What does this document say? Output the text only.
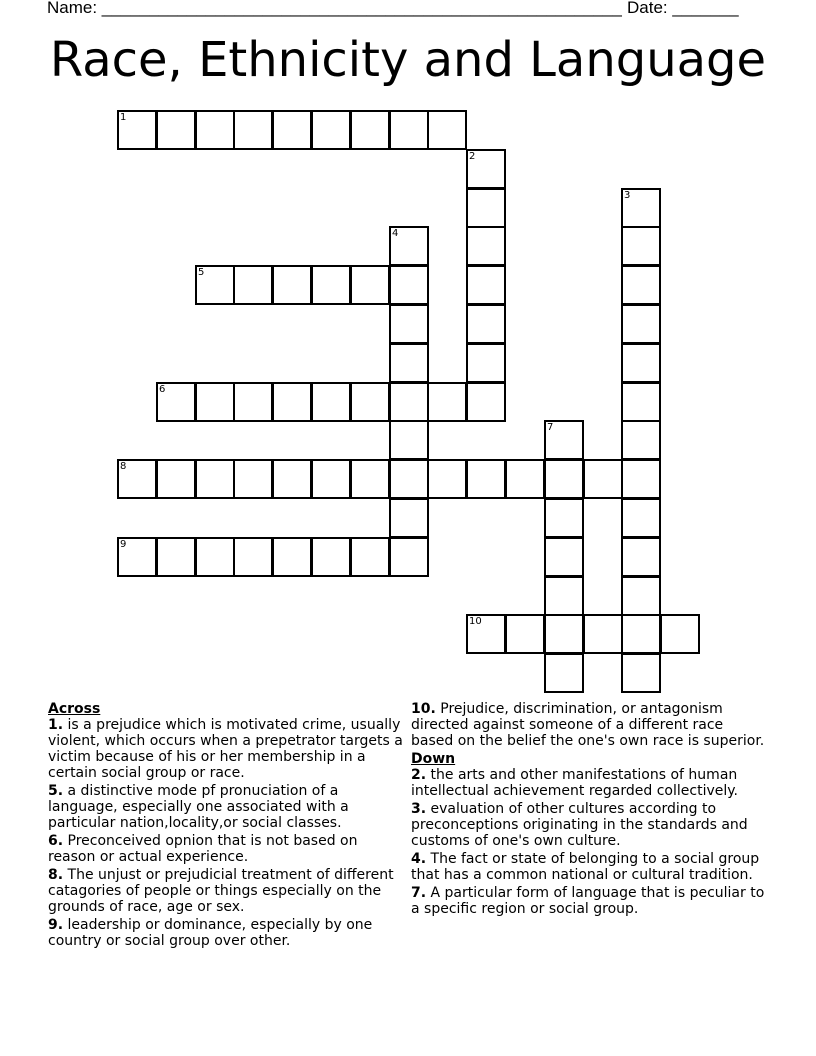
Name: _______________________________________________________ Date: _______
Race, Ethnicity and Language
1
2
3
4
5
6
7
8
9
10
Across
1. is a prejudice which is motivated crime, usually violent, which occurs when a prepetrator targets a victim because of his or her membership in a certain social group or race.
5. a distinctive mode pf pronuciation of a language, especially one associated with a particular nation,locality,or social classes.
6. Preconceived opnion that is not based on reason or actual experience.
8. The unjust or prejudicial treatment of different catagories of people or things especially on the grounds of race, age or sex.
9. leadership or dominance, especially by one country or social group over other.
10. Prejudice, discrimination, or antagonism directed against someone of a different race based on the belief the one's own race is superior.
Down
2. the arts and other manifestations of human intellectual achievement regarded collectively.
3. evaluation of other cultures according to preconceptions originating in the standards and customs of one's own culture.
4. The fact or state of belonging to a social group that has a common national or cultural tradition.
7. A particular form of language that is peculiar to a specific region or social group.
